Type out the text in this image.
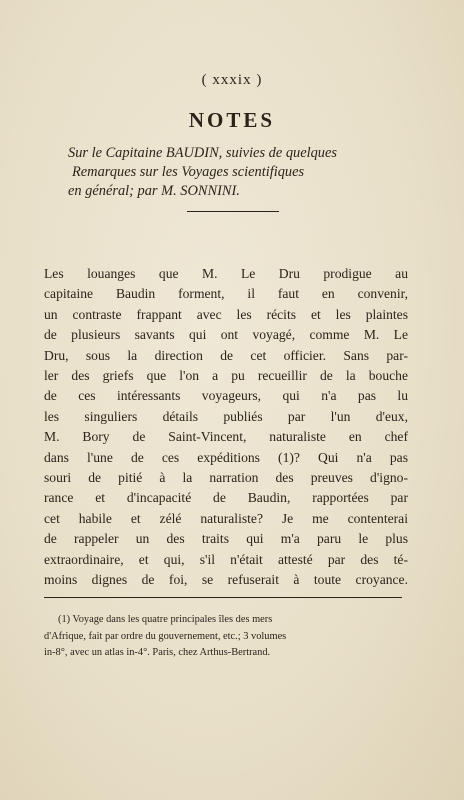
( xxxix )
NOTES
Sur le Capitaine BAUDIN, suivies de quelques
Remarques sur les Voyages scientifiques
en général; par M. SONNINI.
Les louanges que M. Le Dru prodigue au
capitaine Baudin forment, il faut en convenir,
un contraste frappant avec les récits et les plaintes
de plusieurs savants qui ont voyagé, comme M. Le
Dru, sous la direction de cet officier. Sans par-
ler des griefs que l'on a pu recueillir de la bouche
de ces intéressants voyageurs, qui n'a pas lu
les singuliers détails publiés par l'un d'eux,
M. Bory de Saint-Vincent, naturaliste en chef
dans l'une de ces expéditions (1)? Qui n'a pas
souri de pitié à la narration des preuves d'igno-
rance et d'incapacité de Baudin, rapportées par
cet habile et zélé naturaliste? Je me contenterai
de rappeler un des traits qui m'a paru le plus
extraordinaire, et qui, s'il n'était attesté par des té-
moins dignes de foi, se refuserait à toute croyance.
(1) Voyage dans les quatre principales îles des mers
d'Afrique, fait par ordre du gouvernement, etc.; 3 volumes
in-8°, avec un atlas in-4°. Paris, chez Arthus-Bertrand.
